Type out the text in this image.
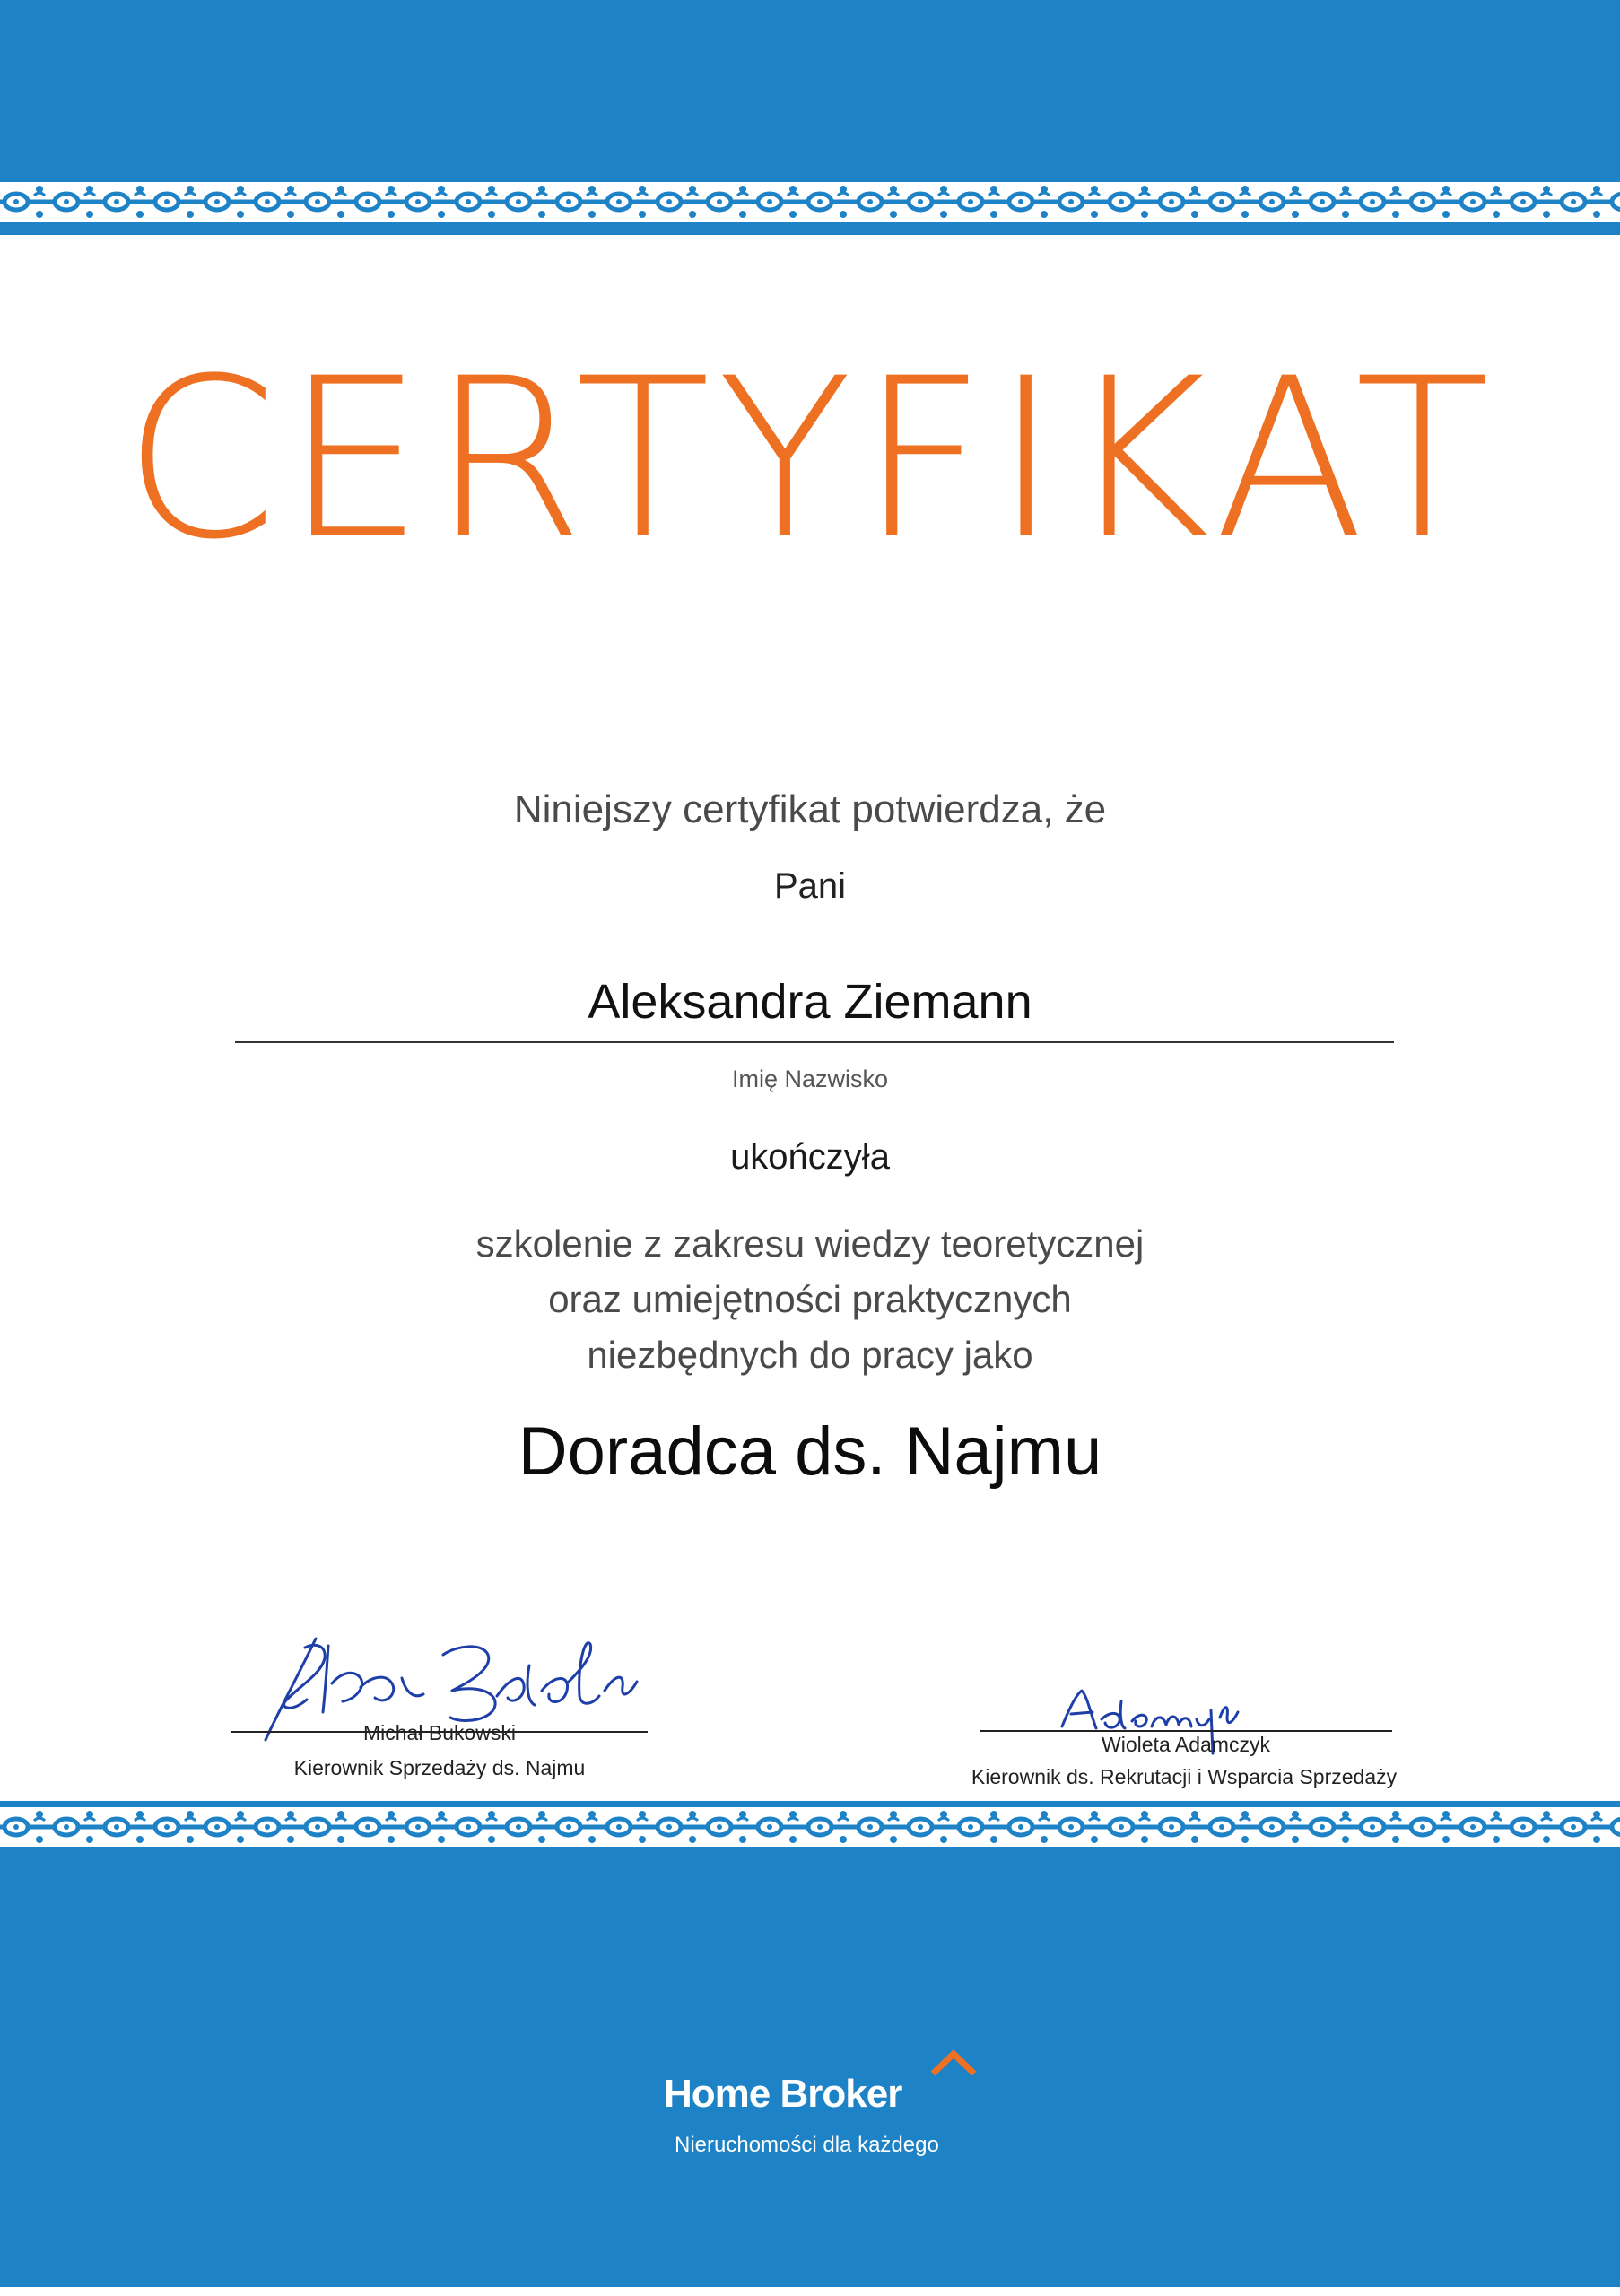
CERTYFIKAT
Niniejszy certyfikat potwierdza, że
Pani
Aleksandra Ziemann
Imię Nazwisko
ukończyła
szkolenie z zakresu wiedzy teoretycznej
oraz umiejętności praktycznych
niezbędnych do pracy jako
Doradca ds. Najmu
Michał Bukowski
Kierownik Sprzedaży ds. Najmu
Wioleta Adamczyk
Kierownik ds. Rekrutacji i Wsparcia Sprzedaży
Home Broker
Nieruchomości dla każdego
